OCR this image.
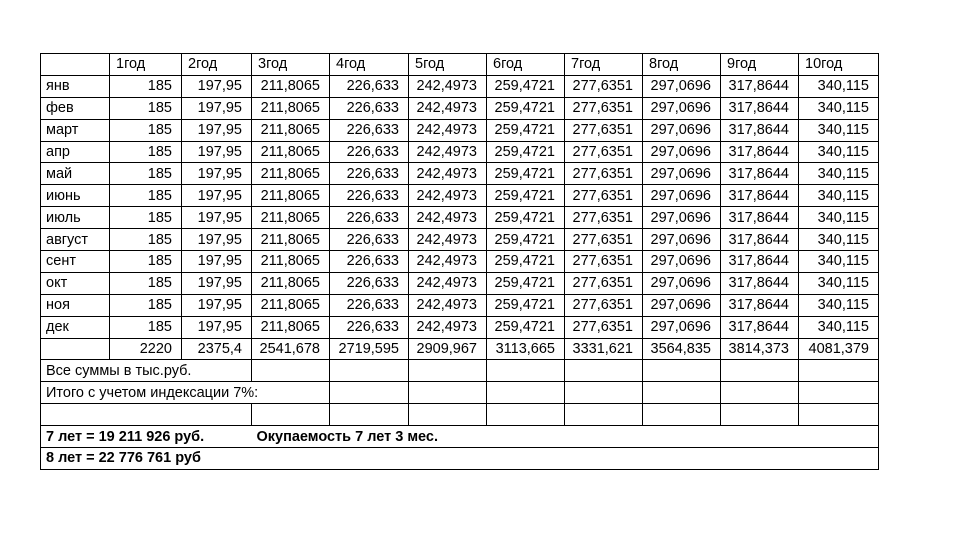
	1год	2год	3год	4год	5год	6год	7год	8год	9год	10год
янв	185	197,95	211,8065	226,633	242,4973	259,4721	277,6351	297,0696	317,8644	340,115
фев	185	197,95	211,8065	226,633	242,4973	259,4721	277,6351	297,0696	317,8644	340,115
март	185	197,95	211,8065	226,633	242,4973	259,4721	277,6351	297,0696	317,8644	340,115
апр	185	197,95	211,8065	226,633	242,4973	259,4721	277,6351	297,0696	317,8644	340,115
май	185	197,95	211,8065	226,633	242,4973	259,4721	277,6351	297,0696	317,8644	340,115
июнь	185	197,95	211,8065	226,633	242,4973	259,4721	277,6351	297,0696	317,8644	340,115
июль	185	197,95	211,8065	226,633	242,4973	259,4721	277,6351	297,0696	317,8644	340,115
август	185	197,95	211,8065	226,633	242,4973	259,4721	277,6351	297,0696	317,8644	340,115
сент	185	197,95	211,8065	226,633	242,4973	259,4721	277,6351	297,0696	317,8644	340,115
окт	185	197,95	211,8065	226,633	242,4973	259,4721	277,6351	297,0696	317,8644	340,115
ноя	185	197,95	211,8065	226,633	242,4973	259,4721	277,6351	297,0696	317,8644	340,115
дек	185	197,95	211,8065	226,633	242,4973	259,4721	277,6351	297,0696	317,8644	340,115
	2220	2375,4	2541,678	2719,595	2909,967	3113,665	3331,621	3564,835	3814,373	4081,379
Все суммы в тыс.руб.										
Итого с учетом индексации 7%:										

7 лет = 19 211 926 руб.			Окупаемость 7 лет 3 мес.							
8 лет = 22 776 761 руб										
